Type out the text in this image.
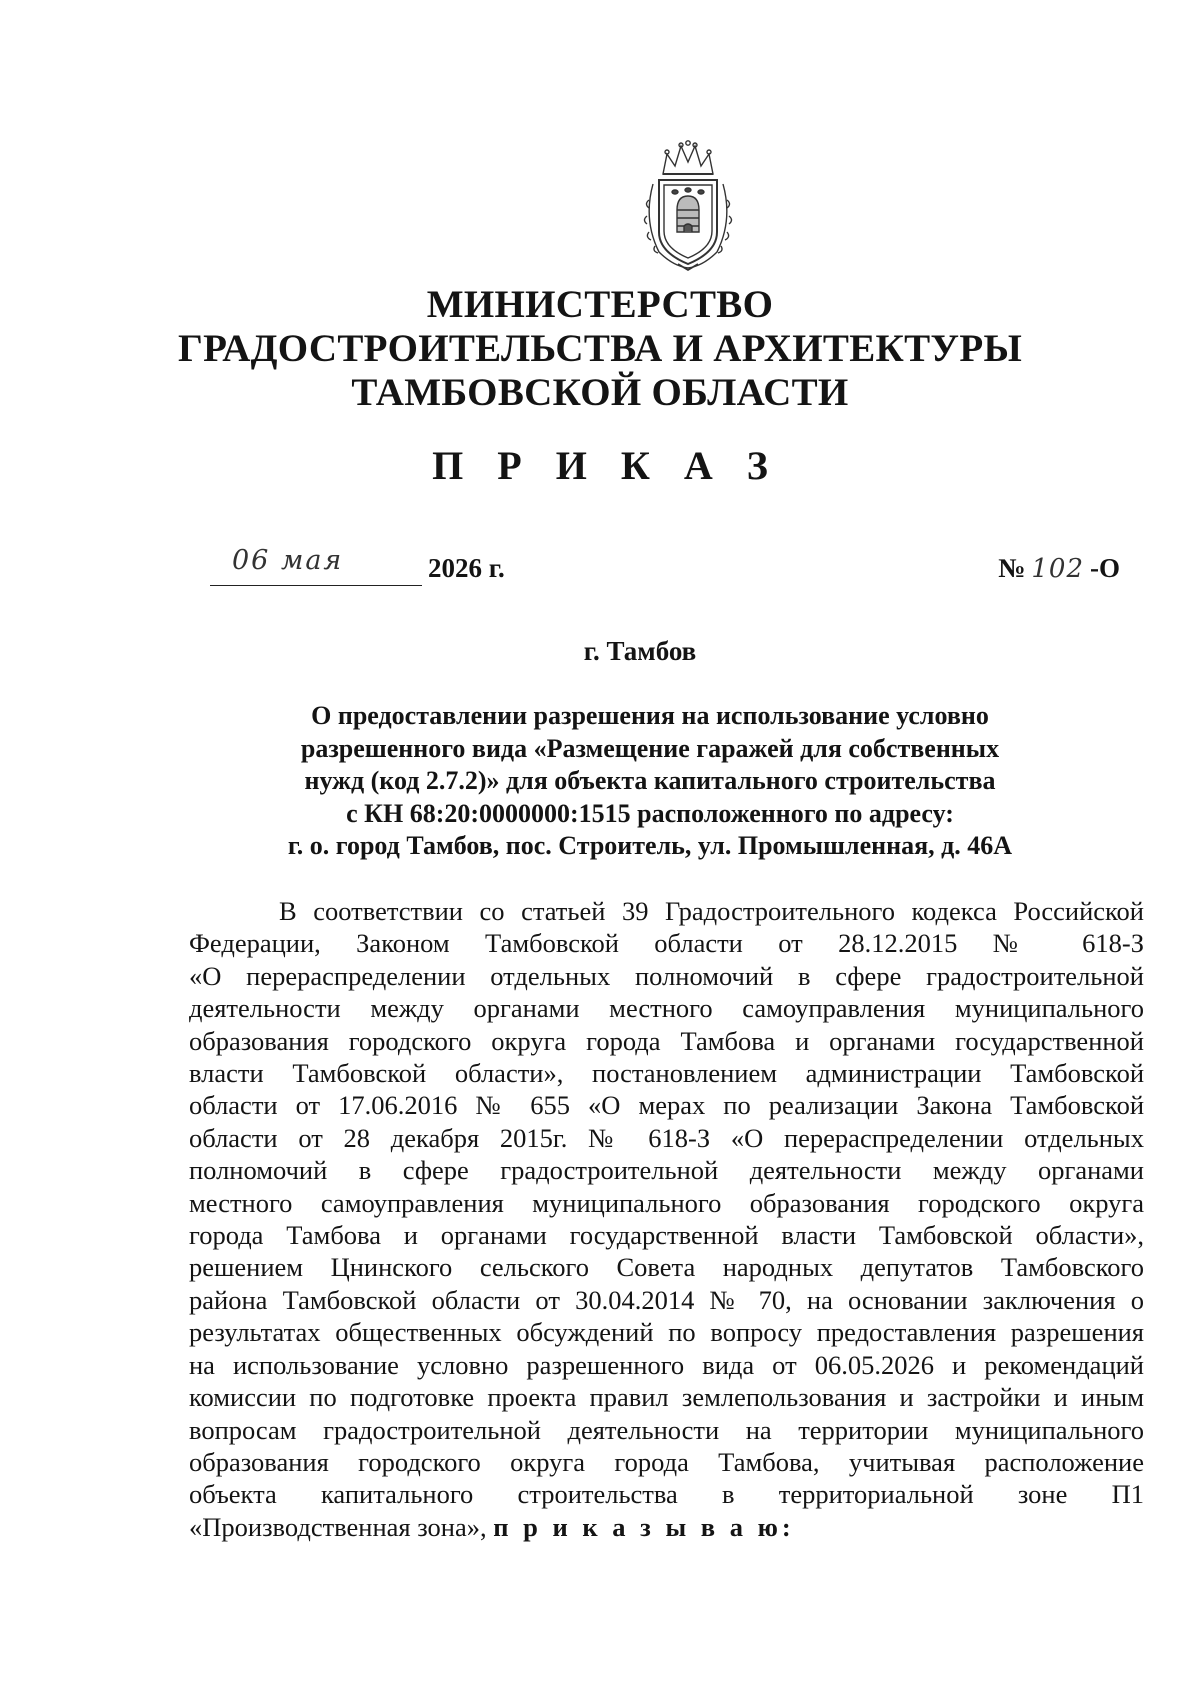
МИНИСТЕРСТВО
ГРАДОСТРОИТЕЛЬСТВА И АРХИТЕКТУРЫ
ТАМБОВСКОЙ ОБЛАСТИ
П Р И К А З
06 мая	2026 г.	№ 102 -О
г. Тамбов
О предоставлении разрешения на использование условно
разрешенного вида «Размещение гаражей для собственных
нужд (код 2.7.2)» для объекта капитального строительства
с КН 68:20:0000000:1515 расположенного по адресу:
г. о. город Тамбов, пос. Строитель, ул. Промышленная, д. 46А
В соответствии со статьей 39 Градостроительного кодекса Российской
Федерации, Законом Тамбовской области от 28.12.2015 № 618-З
«О перераспределении отдельных полномочий в сфере градостроительной
деятельности между органами местного самоуправления муниципального
образования городского округа города Тамбова и органами государственной
власти Тамбовской области», постановлением администрации Тамбовской
области от 17.06.2016 № 655 «О мерах по реализации Закона Тамбовской
области от 28 декабря 2015г. № 618-З «О перераспределении отдельных
полномочий в сфере градостроительной деятельности между органами
местного самоуправления муниципального образования городского округа
города Тамбова и органами государственной власти Тамбовской области»,
решением Цнинского сельского Совета народных депутатов Тамбовского
района Тамбовской области от 30.04.2014 № 70, на основании заключения о
результатах общественных обсуждений по вопросу предоставления разрешения
на использование условно разрешенного вида от 06.05.2026 и рекомендаций
комиссии по подготовке проекта правил землепользования и застройки и иным
вопросам градостроительной деятельности на территории муниципального
образования городского округа города Тамбова, учитывая расположение
объекта капитального строительства в территориальной зоне П1
«Производственная зона», п р и к а з ы в а ю:
